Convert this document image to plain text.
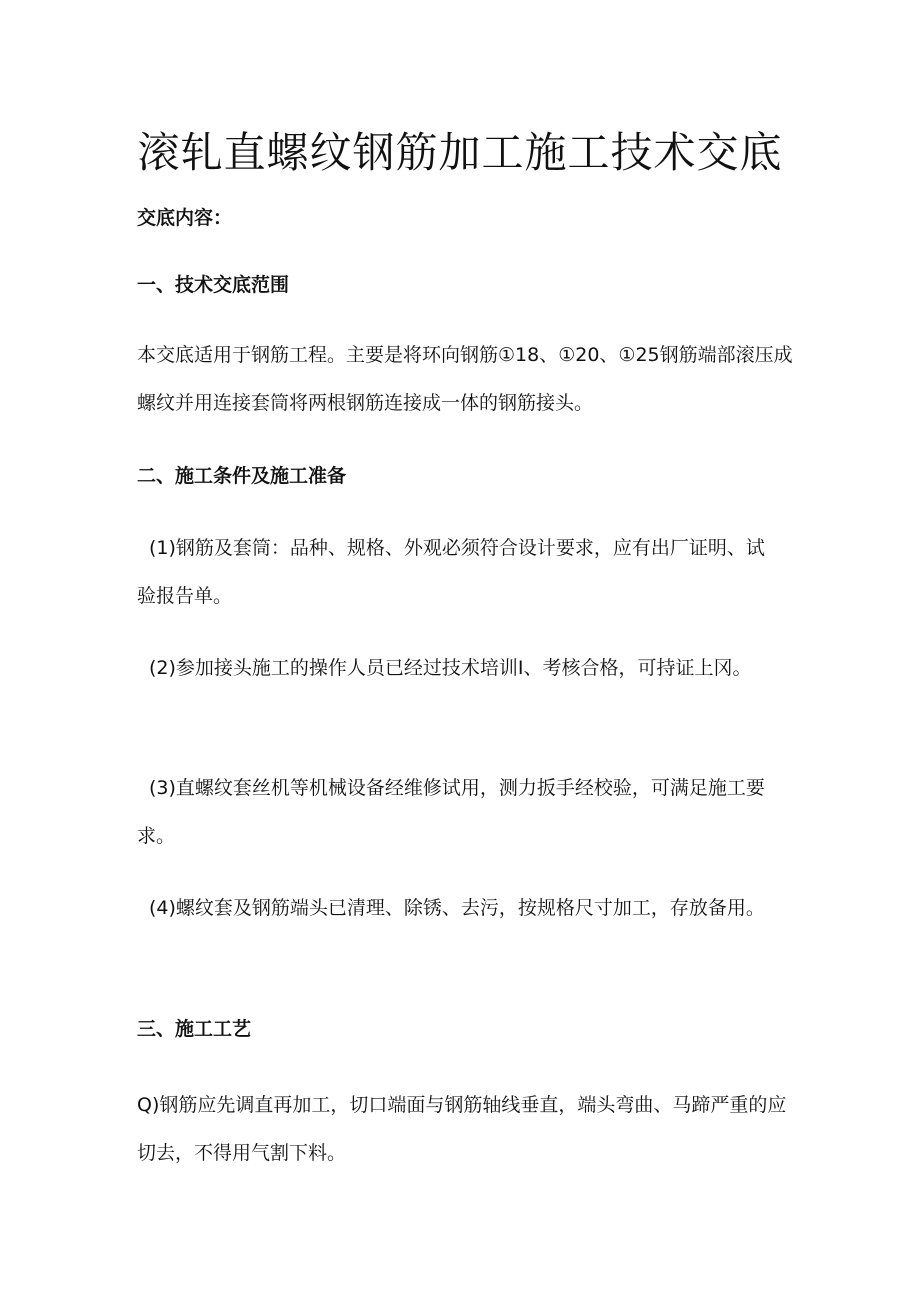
滚轧直螺纹钢筋加工施工技术交底

交底内容：

一、技术交底范围

本交底适用于钢筋工程。主要是将环向钢筋①18、①20、①25钢筋端部滚压成螺纹并用连接套筒将两根钢筋连接成一体的钢筋接头。

二、施工条件及施工准备

(1)钢筋及套筒：品种、规格、外观必须符合设计要求，应有出厂证明、试验报告单。

(2)参加接头施工的操作人员已经过技术培训I、考核合格，可持证上冈。

(3)直螺纹套丝机等机械设备经维修试用，测力扳手经校验，可满足施工要求。

(4)螺纹套及钢筋端头已清理、除锈、去污，按规格尺寸加工，存放备用。

三、施工工艺

Q)钢筋应先调直再加工，切口端面与钢筋轴线垂直，端头弯曲、马蹄严重的应切去，不得用气割下料。
